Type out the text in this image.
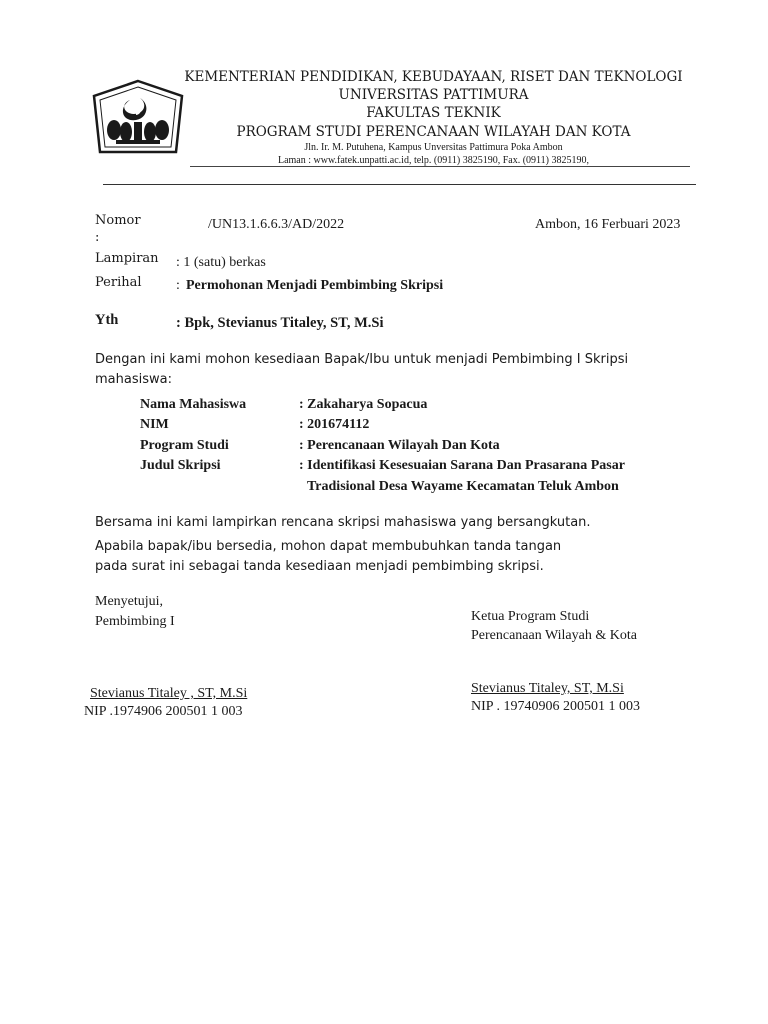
KEMENTERIAN PENDIDIKAN, KEBUDAYAAN, RISET DAN TEKNOLOGI
UNIVERSITAS PATTIMURA
FAKULTAS TEKNIK
PROGRAM STUDI PERENCANAAN WILAYAH DAN KOTA
Jln. Ir. M. Putuhena, Kampus Unversitas Pattimura Poka Ambon
Laman : www.fatek.unpatti.ac.id, telp. (0911) 3825190, Fax. (0911) 3825190,
Nomor
:
/UN13.1.6.6.3/AD/2022	Ambon, 16 Ferbuari 2023
Lampiran : 1 (satu) berkas
Perihal : Permohonan Menjadi Pembimbing Skripsi
Yth	: Bpk, Stevianus Titaley, ST, M.Si
Dengan ini kami mohon kesediaan Bapak/Ibu untuk menjadi Pembimbing I Skripsi mahasiswa:
Nama Mahasiswa	: Zakaharya Sopacua
NIM	: 201674112
Program Studi	: Perencanaan Wilayah Dan Kota
Judul Skripsi	: Identifikasi Kesesuaian Sarana Dan Prasarana Pasar
Tradisional Desa Wayame Kecamatan Teluk Ambon
Bersama ini kami lampirkan rencana skripsi mahasiswa yang bersangkutan.
Apabila bapak/ibu bersedia, mohon dapat membubuhkan tanda tangan pada surat ini sebagai tanda kesediaan menjadi pembimbing skripsi.
Menyetujui,
Pembimbing I
Stevianus Titaley , ST, M.Si
NIP .1974906 200501 1 003
Ketua Program Studi
Perencanaan Wilayah & Kota
Stevianus Titaley, ST, M.Si
NIP . 19740906 200501 1 003
